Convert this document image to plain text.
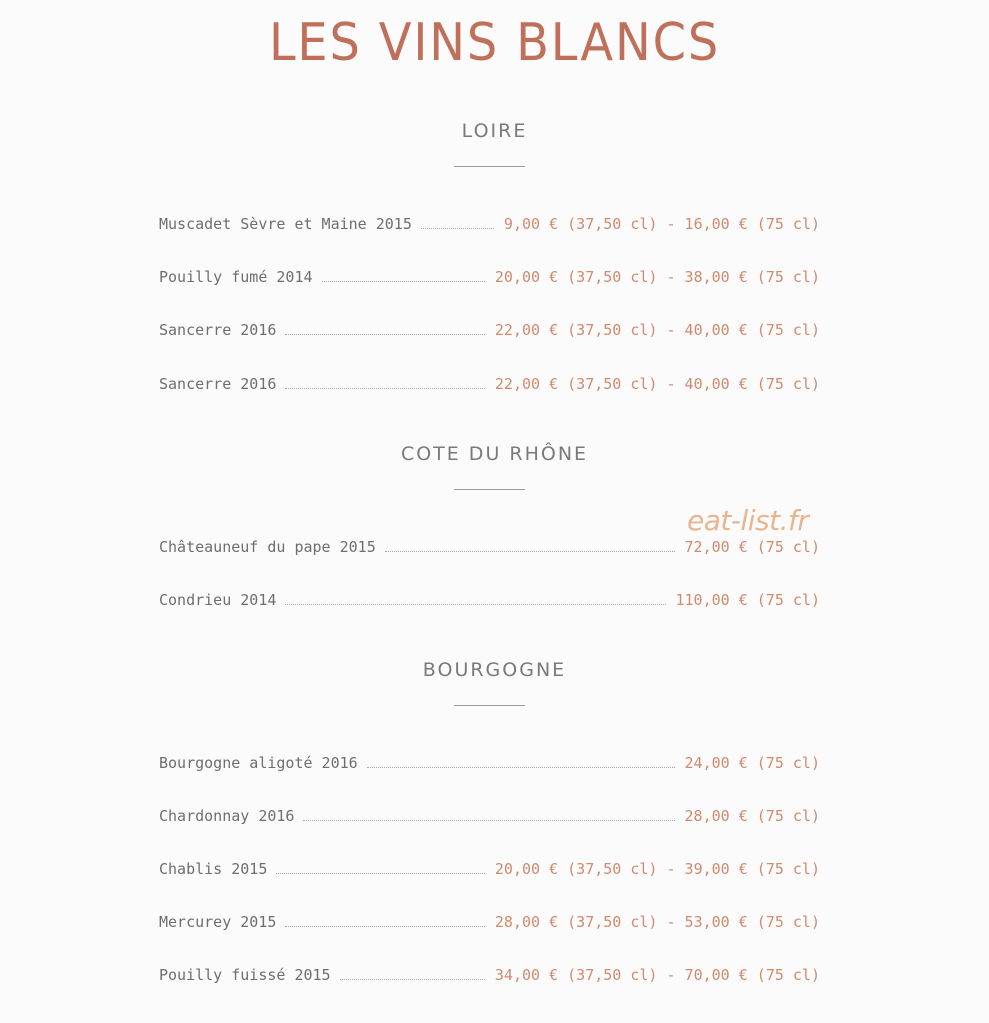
LES VINS BLANCS
LOIRE
Muscadet Sèvre et Maine 2015	9,00 € (37,50 cl) - 16,00 € (75 cl)
Pouilly fumé 2014	20,00 € (37,50 cl) - 38,00 € (75 cl)
Sancerre 2016	22,00 € (37,50 cl) - 40,00 € (75 cl)
Sancerre 2016	22,00 € (37,50 cl) - 40,00 € (75 cl)
COTE DU RHÔNE
eat-list.fr
Châteauneuf du pape 2015	72,00 € (75 cl)
Condrieu 2014	110,00 € (75 cl)
BOURGOGNE
Bourgogne aligoté 2016	24,00 € (75 cl)
Chardonnay 2016	28,00 € (75 cl)
Chablis 2015	20,00 € (37,50 cl) - 39,00 € (75 cl)
Mercurey 2015	28,00 € (37,50 cl) - 53,00 € (75 cl)
Pouilly fuissé 2015	34,00 € (37,50 cl) - 70,00 € (75 cl)
